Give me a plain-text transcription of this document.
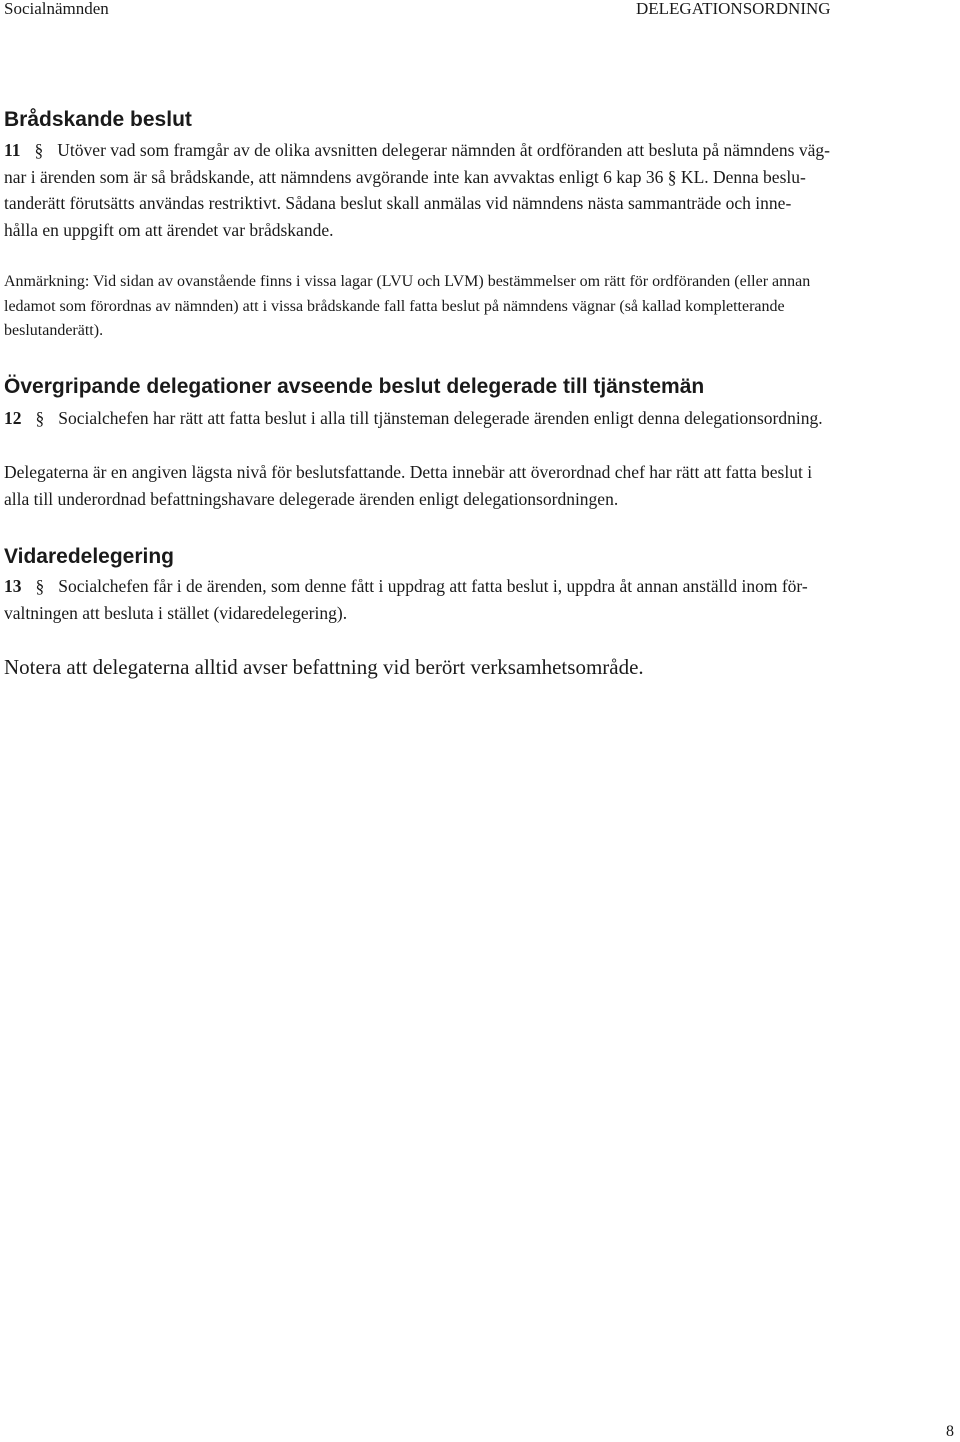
Socialnämnden	DELEGATIONSORDNING
Brådskande beslut
11 § Utöver vad som framgår av de olika avsnitten delegerar nämnden åt ordföranden att besluta på nämndens väg-
nar i ärenden som är så brådskande, att nämndens avgörande inte kan avvaktas enligt 6 kap 36 § KL. Denna beslu-
tanderätt förutsätts användas restriktivt. Sådana beslut skall anmälas vid nämndens nästa sammanträde och inne-
hålla en uppgift om att ärendet var brådskande.
Anmärkning: Vid sidan av ovanstående finns i vissa lagar (LVU och LVM) bestämmelser om rätt för ordföranden (eller annan
ledamot som förordnas av nämnden) att i vissa brådskande fall fatta beslut på nämndens vägnar (så kallad kompletterande
beslutanderätt).
Övergripande delegationer avseende beslut delegerade till tjänstemän
12 § Socialchefen har rätt att fatta beslut i alla till tjänsteman delegerade ärenden enligt denna delegationsordning.
Delegaterna är en angiven lägsta nivå för beslutsfattande. Detta innebär att överordnad chef har rätt att fatta beslut i
alla till underordnad befattningshavare delegerade ärenden enligt delegationsordningen.
Vidaredelegering
13 § Socialchefen får i de ärenden, som denne fått i uppdrag att fatta beslut i, uppdra åt annan anställd inom för-
valtningen att besluta i stället (vidaredelegering).
Notera att delegaterna alltid avser befattning vid berört verksamhetsområde.
8
